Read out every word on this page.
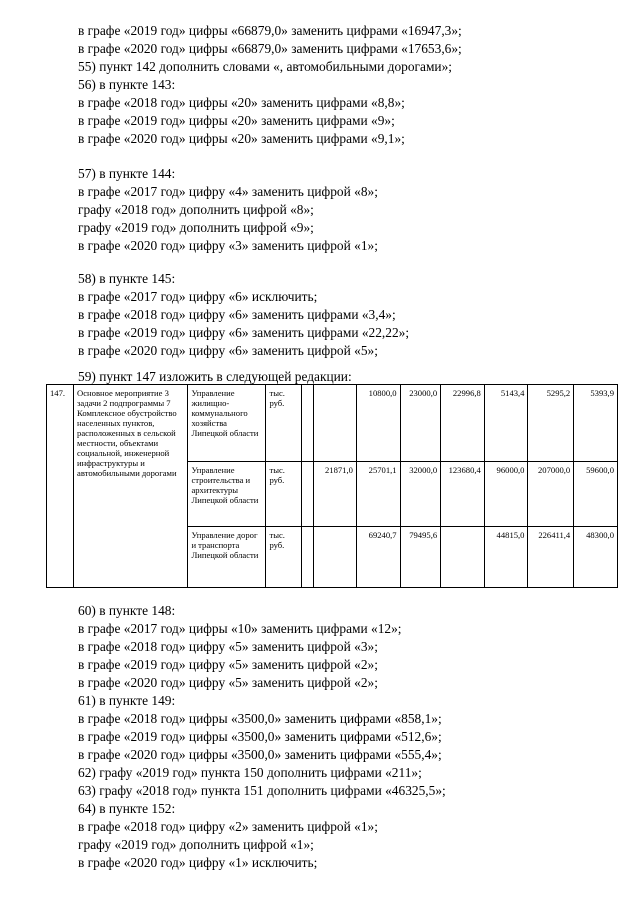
в графе «2019 год» цифры «66879,0» заменить цифрами «16947,3»;
в графе «2020 год» цифры «66879,0» заменить цифрами «17653,6»;
55) пункт 142 дополнить словами «, автомобильными дорогами»;
56) в пункте 143:
в графе «2018 год» цифры «20» заменить цифрами «8,8»;
в графе «2019 год» цифры «20» заменить цифрами «9»;
в графе «2020 год» цифры «20» заменить цифрами «9,1»;
57) в пункте 144:
в графе «2017 год» цифру «4» заменить цифрой «8»;
графу «2018 год» дополнить цифрой «8»;
графу «2019 год» дополнить цифрой «9»;
в графе «2020 год» цифру «3» заменить цифрой «1»;
58) в пункте 145:
в графе «2017 год» цифру «6» исключить;
в графе «2018 год» цифру «6» заменить цифрами «3,4»;
в графе «2019 год» цифру «6» заменить цифрами «22,22»;
в графе «2020 год» цифру «6» заменить цифрой «5»;
59) пункт 147 изложить в следующей редакции:
147.	Основное мероприятие 3 задачи 2 подпрограммы 7 Комплексное обустройство населенных пунктов, расположенных в сельской местности, объектами социальной, инженерной инфраструктуры и автомобильными дорогами	Управление жилищно-коммунального хозяйства Липецкой области	тыс. руб.			10800,0	23000,0	22996,8	5143,4	5295,2	5393,9
		Управление строительства и архитектуры Липецкой области	тыс. руб.		21871,0	25701,1	32000,0	123680,4	96000,0	207000,0	59600,0
		Управление дорог и транспорта Липецкой области	тыс. руб.			69240,7	79495,6		44815,0	226411,4	48300,0
60) в пункте 148:
в графе «2017 год» цифры «10» заменить цифрами «12»;
в графе «2018 год» цифру «5» заменить цифрой «3»;
в графе «2019 год» цифру «5» заменить цифрой «2»;
в графе «2020 год» цифру «5» заменить цифрой «2»;
61) в пункте 149:
в графе «2018 год» цифры «3500,0» заменить цифрами «858,1»;
в графе «2019 год» цифры «3500,0» заменить цифрами «512,6»;
в графе «2020 год» цифры «3500,0» заменить цифрами «555,4»;
62) графу «2019 год» пункта 150 дополнить цифрами «211»;
63) графу «2018 год» пункта 151 дополнить цифрами «46325,5»;
64) в пункте 152:
в графе «2018 год» цифру «2» заменить цифрой «1»;
графу «2019 год» дополнить цифрой «1»;
в графе «2020 год» цифру «1» исключить;
